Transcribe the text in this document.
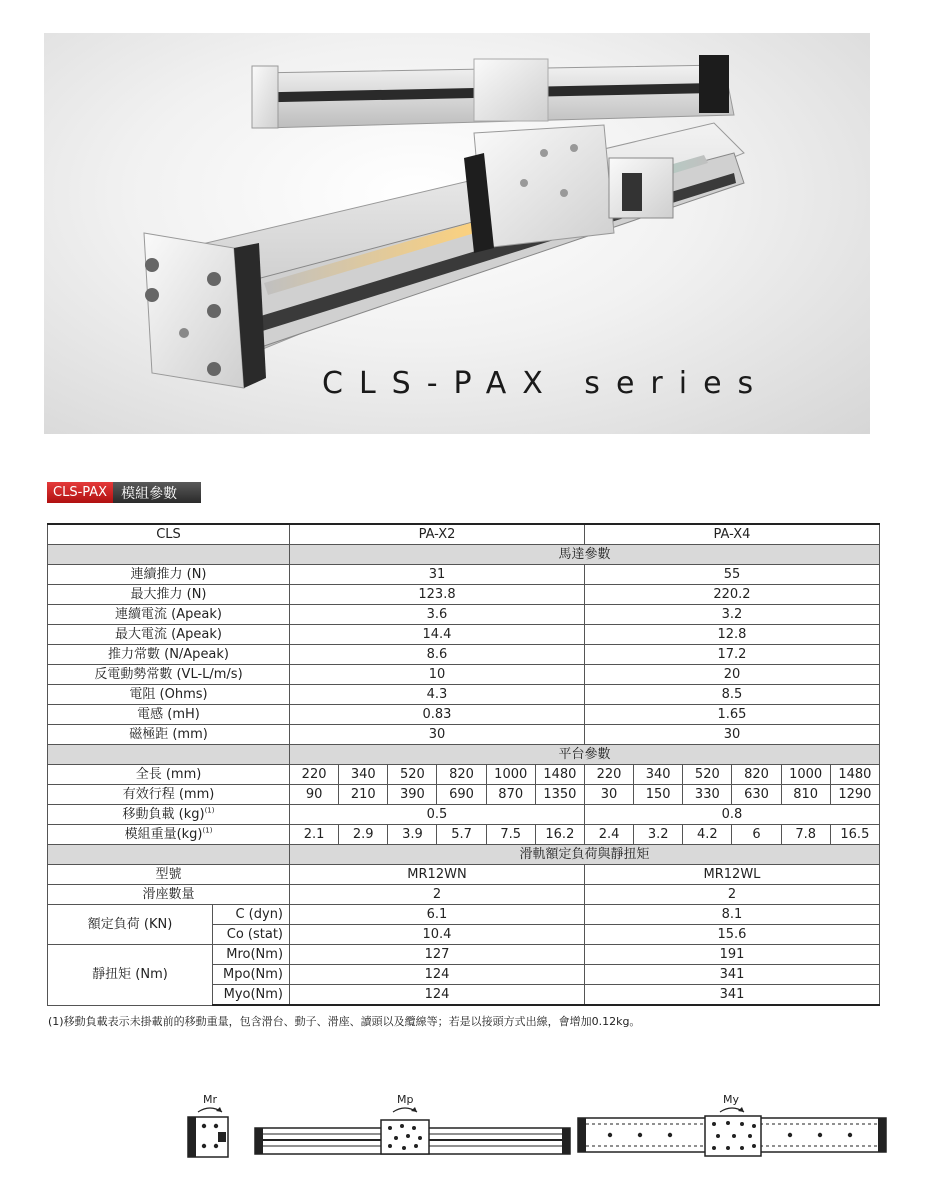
CLS-PAX series
CLS-PAX	模組參數
CLS		PA-X2						PA-X4					
		馬達參數											
連續推力 (N)		31						55					
最大推力 (N)		123.8						220.2					
連續電流 (Apeak)		3.6						3.2					
最大電流 (Apeak)		14.4						12.8					
推力常數 (N/Apeak)		8.6						17.2					
反電動勢常數 (VL-L/m/s)		10						20					
電阻 (Ohms)		4.3						8.5					
電感 (mH)		0.83						1.65					
磁極距 (mm)		30						30					
		平台參數											
全長 (mm)		220	340	520	820	1000	1480	220	340	520	820	1000	1480
有效行程 (mm)		90	210	390	690	870	1350	30	150	330	630	810	1290
移動負載 (kg)$^{(1)}$		0.5						0.8					
模組重量(kg)$^{(1)}$		2.1	2.9	3.9	5.7	7.5	16.2	2.4	3.2	4.2	6	7.8	16.5
		滑軌額定負荷與靜扭矩											
型號		MR12WN						MR12WL					
滑座數量		2						2					
額定負荷 (KN)	C (dyn)	6.1						8.1					
	Co (stat)	10.4						15.6					
靜扭矩 (Nm)	Mro(Nm)	127						191					
	Mpo(Nm)	124						341					
	Myo(Nm)	124						341					
(1)移動負載表示未掛載前的移動重量，包含滑台、動子、滑座、讀頭以及纜線等；若是以接頭方式出線，會增加0.12kg。
Mr	Mp	My
